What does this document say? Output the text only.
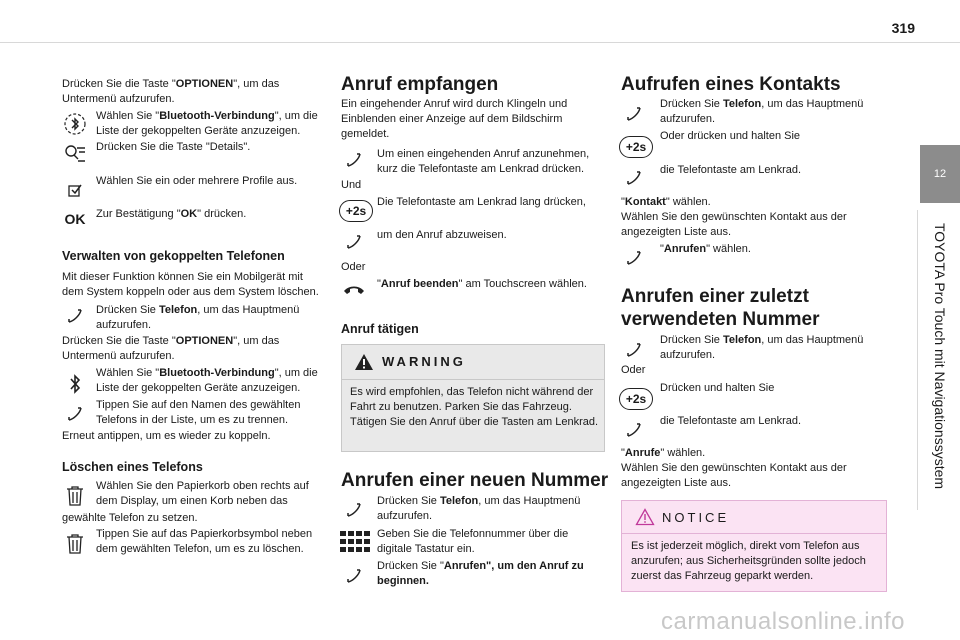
319
12
TOYOTA Pro Touch mit Navigationssystem
Drücken Sie die Taste "OPTIONEN", um das Untermenü aufzurufen.
Wählen Sie "Bluetooth-Verbindung", um die Liste der gekoppelten Geräte anzuzeigen.
Drücken Sie die Taste "Details".
Wählen Sie ein oder mehrere Profile aus.
OK Zur Bestätigung "OK" drücken.
Verwalten von gekoppelten Telefonen
Mit dieser Funktion können Sie ein Mobilgerät mit dem System koppeln oder aus dem System löschen.
Drücken Sie Telefon, um das Hauptmenü aufzurufen.
Drücken Sie die Taste "OPTIONEN", um das Untermenü aufzurufen.
Wählen Sie "Bluetooth-Verbindung", um die Liste der gekoppelten Geräte anzuzeigen.
Tippen Sie auf den Namen des gewählten Telefons in der Liste, um es zu trennen.
Erneut antippen, um es wieder zu koppeln.
Löschen eines Telefons
Wählen Sie den Papierkorb oben rechts auf dem Display, um einen Korb neben das
gewählte Telefon zu setzen.
Tippen Sie auf das Papierkorbsymbol neben dem gewählten Telefon, um es zu löschen.
Anruf empfangen
Ein eingehender Anruf wird durch Klingeln und Einblenden einer Anzeige auf dem Bildschirm gemeldet.
Um einen eingehenden Anruf anzunehmen, kurz die Telefontaste am Lenkrad drücken.
Und
+2s
Die Telefontaste am Lenkrad lang drücken,
um den Anruf abzuweisen.
Oder
"Anruf beenden" am Touchscreen wählen.
Anruf tätigen
WARNING
Es wird empfohlen, das Telefon nicht während der Fahrt zu benutzen. Parken Sie das Fahrzeug. Tätigen Sie den Anruf über die Tasten am Lenkrad.
Anrufen einer neuen Nummer
Drücken Sie Telefon, um das Hauptmenü aufzurufen.
Geben Sie die Telefonnummer über die digitale Tastatur ein.
Drücken Sie "Anrufen", um den Anruf zu beginnen.
Aufrufen eines Kontakts
Drücken Sie Telefon, um das Hauptmenü aufzurufen.
+2s
Oder drücken und halten Sie
die Telefontaste am Lenkrad.
"Kontakt" wählen.
Wählen Sie den gewünschten Kontakt aus der angezeigten Liste aus.
"Anrufen" wählen.
Anrufen einer zuletzt
verwendeten Nummer
Drücken Sie Telefon, um das Hauptmenü aufzurufen.
Oder
+2s
Drücken und halten Sie
die Telefontaste am Lenkrad.
"Anrufe" wählen.
Wählen Sie den gewünschten Kontakt aus der angezeigten Liste aus.
NOTICE
Es ist jederzeit möglich, direkt vom Telefon aus anzurufen; aus Sicherheitsgründen sollte jedoch zuerst das Fahrzeug geparkt werden.
carmanualsonline.info
